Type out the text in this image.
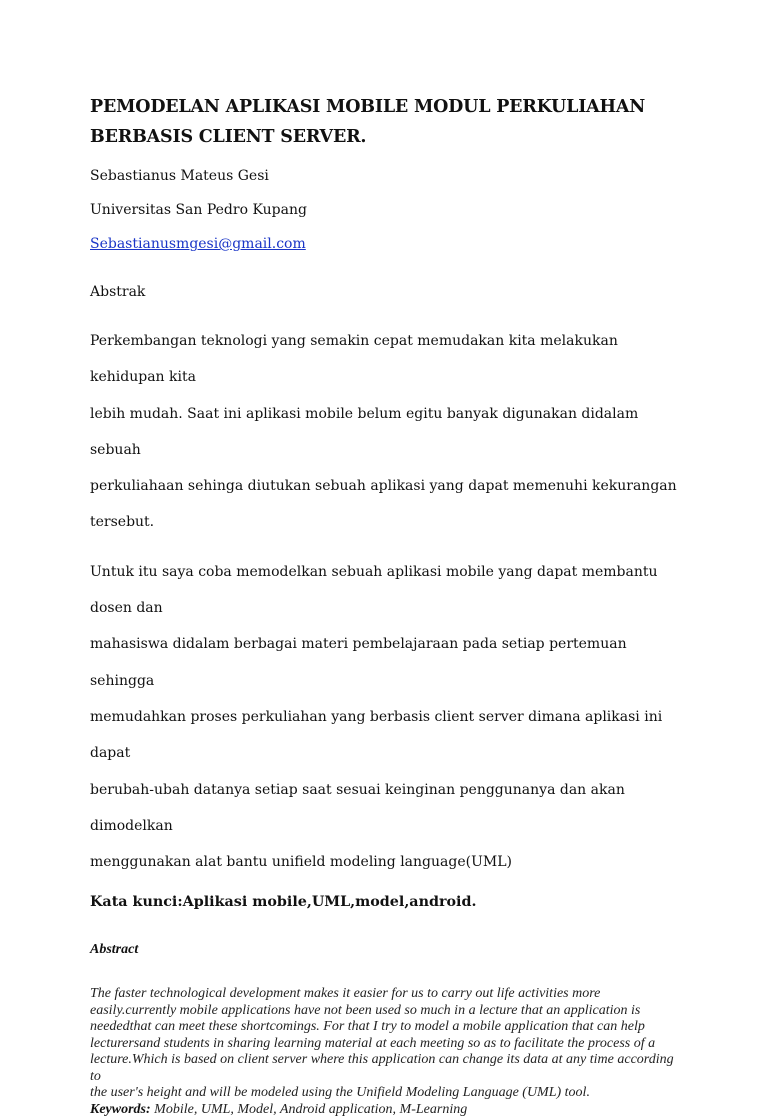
PEMODELAN APLIKASI MOBILE MODUL PERKULIAHAN
BERBASIS CLIENT SERVER.

Sebastianus Mateus Gesi

Universitas San Pedro Kupang

Sebastianusmgesi@gmail.com
Abstrak

Perkembangan teknologi yang semakin cepat memudakan kita melakukan kehidupan kita
lebih mudah. Saat ini aplikasi mobile belum egitu banyak digunakan didalam sebuah
perkuliahaan sehinga diutukan sebuah aplikasi yang dapat memenuhi kekurangan
tersebut.

Untuk itu saya coba memodelkan sebuah aplikasi mobile yang dapat membantu dosen dan
mahasiswa didalam berbagai materi pembelajaraan pada setiap pertemuan sehingga
memudahkan proses perkuliahan yang berbasis client server dimana aplikasi ini dapat
berubah-ubah datanya setiap saat sesuai keinginan penggunanya dan akan dimodelkan
menggunakan alat bantu unifield modeling language(UML)

Kata kunci:Aplikasi mobile,UML,model,android.
Abstract
The faster technological development makes it easier for us to carry out life activities more
easily.currently mobile applications have not been used so much in a lecture that an application is
neededthat can meet these shortcomings. For that I try to model a mobile application that can help
lecturersand students in sharing learning material at each meeting so as to facilitate the process of a
lecture.Which is based on client server where this application can change its data at any time according
to
the user's height and will be modeled using the Unifield Modeling Language (UML) tool.
Keywords: Mobile, UML, Model, Android application, M-Learning
